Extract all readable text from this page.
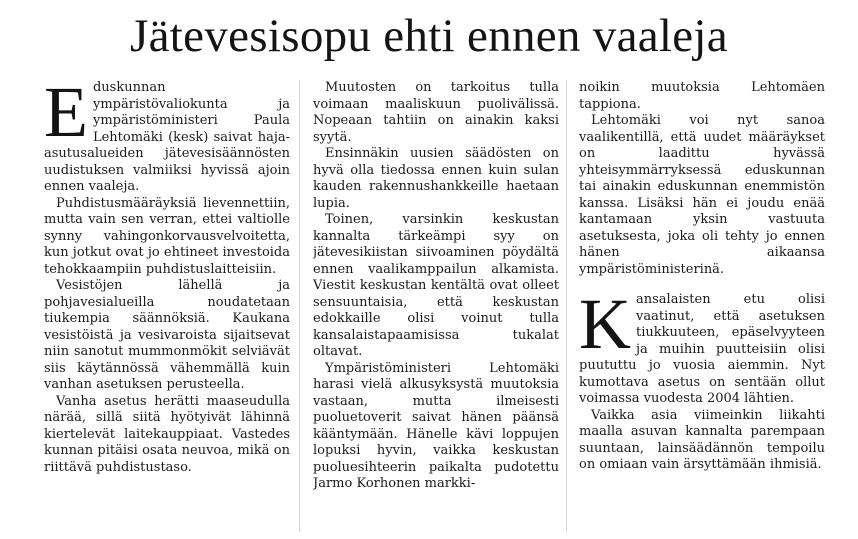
Jätevesisopu ehti ennen vaaleja

Eduskunnan ympäristövaliokunta ja ympäristöministeri Paula Lehtomäki (kesk) saivat haja-asutusalueiden jätevesisäännösten uudistuksen valmiiksi hyvissä ajoin ennen vaaleja.

Puhdistusmääräyksiä lievennettiin, mutta vain sen verran, ettei valtiolle synny vahingonkorvausvelvoitetta, kun jotkut ovat jo ehtineet investoida tehokkaampiin puhdistuslaitteisiin.

Vesistöjen lähellä ja pohjavesialueilla noudatetaan tiukempia säännöksiä. Kaukana vesistöistä ja vesivaroista sijaitsevat niin sanotut mummonmökit selviävät siis käytännössä vähemmällä kuin vanhan asetuksen perusteella.

Vanha asetus herätti maaseudulla närää, sillä siitä hyötyivät lähinnä kiertelevät laitekauppiaat. Vastedes kunnan pitäisi osata neuvoa, mikä on riittävä puhdistustaso.

Muutosten on tarkoitus tulla voimaan maaliskuun puolivälissä. Nopeaan tahtiin on ainakin kaksi syytä.

Ensinnäkin uusien säädösten on hyvä olla tiedossa ennen kuin sulan kauden rakennushankkeille haetaan lupia.

Toinen, varsinkin keskustan kannalta tärkeämpi syy on jätevesikiistan siivoaminen pöydältä ennen vaalikamppailun alkamista. Viestit keskustan kentältä ovat olleet sensuuntaisia, että keskustan edokkaille olisi voinut tulla kansalaistapaamisissa tukalat oltavat.

Ympäristöministeri Lehtomäki harasi vielä alkusyksystä muutoksia vastaan, mutta ilmeisesti puoluetoverit saivat hänen päänsä kääntymään. Hänelle kävi loppujen lopuksi hyvin, vaikka keskustan puoluesihteerin paikalta pudotettu Jarmo Korhonen markki-

noikin muutoksia Lehtomäen tappiona.

Lehtomäki voi nyt sanoa vaalikentillä, että uudet määräykset on laadittu hyvässä yhteisymmärryksessä eduskunnan tai ainakin eduskunnan enemmistön kanssa. Lisäksi hän ei joudu enää kantamaan yksin vastuuta asetuksesta, joka oli tehty jo ennen hänen aikaansa ympäristöministerinä.

Kansalaisten etu olisi vaatinut, että asetuksen tiukkuuteen, epäselvyyteen ja muihin puutteisiin olisi puututtu jo vuosia aiemmin. Nyt kumottava asetus on sentään ollut voimassa vuodesta 2004 lähtien.

Vaikka asia viimeinkin liikahti maalla asuvan kannalta parempaan suuntaan, lainsäädännön tempoilu on omiaan vain ärsyttämään ihmisiä.
